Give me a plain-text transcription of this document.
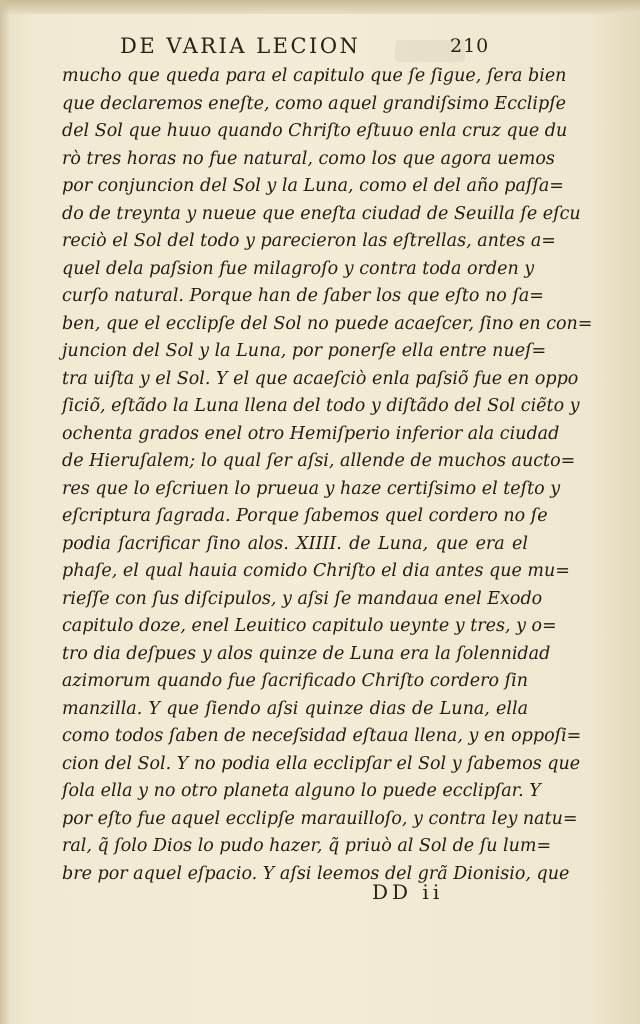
DE VARIA LECION	210
mucho que queda para el capitulo que ſe ſigue, ſera bien
que declaremos eneſte, como aquel grandiſsimo Ecclipſe
del Sol que huuo quando Chriſto eſtuuo enla cruz que du
rò tres horas no fue natural, como los que agora uemos
por conjuncion del Sol y la Luna, como el del año paſſa=
do de treynta y nueue que eneſta ciudad de Seuilla ſe eſcu
reciò el Sol del todo y parecieron las eſtrellas, antes a=
quel dela paſsion fue milagroſo y contra toda orden y
curſo natural. Porque han de ſaber los que eſto no ſa=
ben, que el ecclipſe del Sol no puede acaeſcer, ſino en con=
juncion del Sol y la Luna, por ponerſe ella entre nueſ=
tra uiſta y el Sol. Y el que acaeſciò enla paſsiõ fue en oppo
ſiciõ, eſtãdo la Luna llena del todo y diſtãdo del Sol ciẽto y
ochenta grados enel otro Hemiſperio inferior ala ciudad
de Hieruſalem; lo qual ſer aſsi, allende de muchos aucto=
res que lo eſcriuen lo prueua y haze certiſsimo el teſto y
eſcriptura ſagrada. Porque ſabemos quel cordero no ſe
podia ſacrificar ſino alos. XIIII. de Luna, que era el
phaſe, el qual hauia comido Chriſto el dia antes que mu=
rieſſe con ſus diſcipulos, y aſsi ſe mandaua enel Exodo
capitulo doze, enel Leuitico capitulo ueynte y tres, y o=
tro dia deſpues y alos quinze de Luna era la ſolennidad
azimorum quando fue ſacrificado Chriſto cordero ſin
manzilla. Y que ſiendo aſsi quinze dias de Luna, ella
como todos ſaben de neceſsidad eſtaua llena, y en oppoſi=
cion del Sol. Y no podia ella ecclipſar el Sol y ſabemos que
ſola ella y no otro planeta alguno lo puede ecclipſar. Y
por eſto fue aquel ecclipſe marauilloſo, y contra ley natu=
ral, q̃ ſolo Dios lo pudo hazer, q̃ priuò al Sol de ſu lum=
bre por aquel eſpacio. Y aſsi leemos del grã Dionisio, que
DD ii
